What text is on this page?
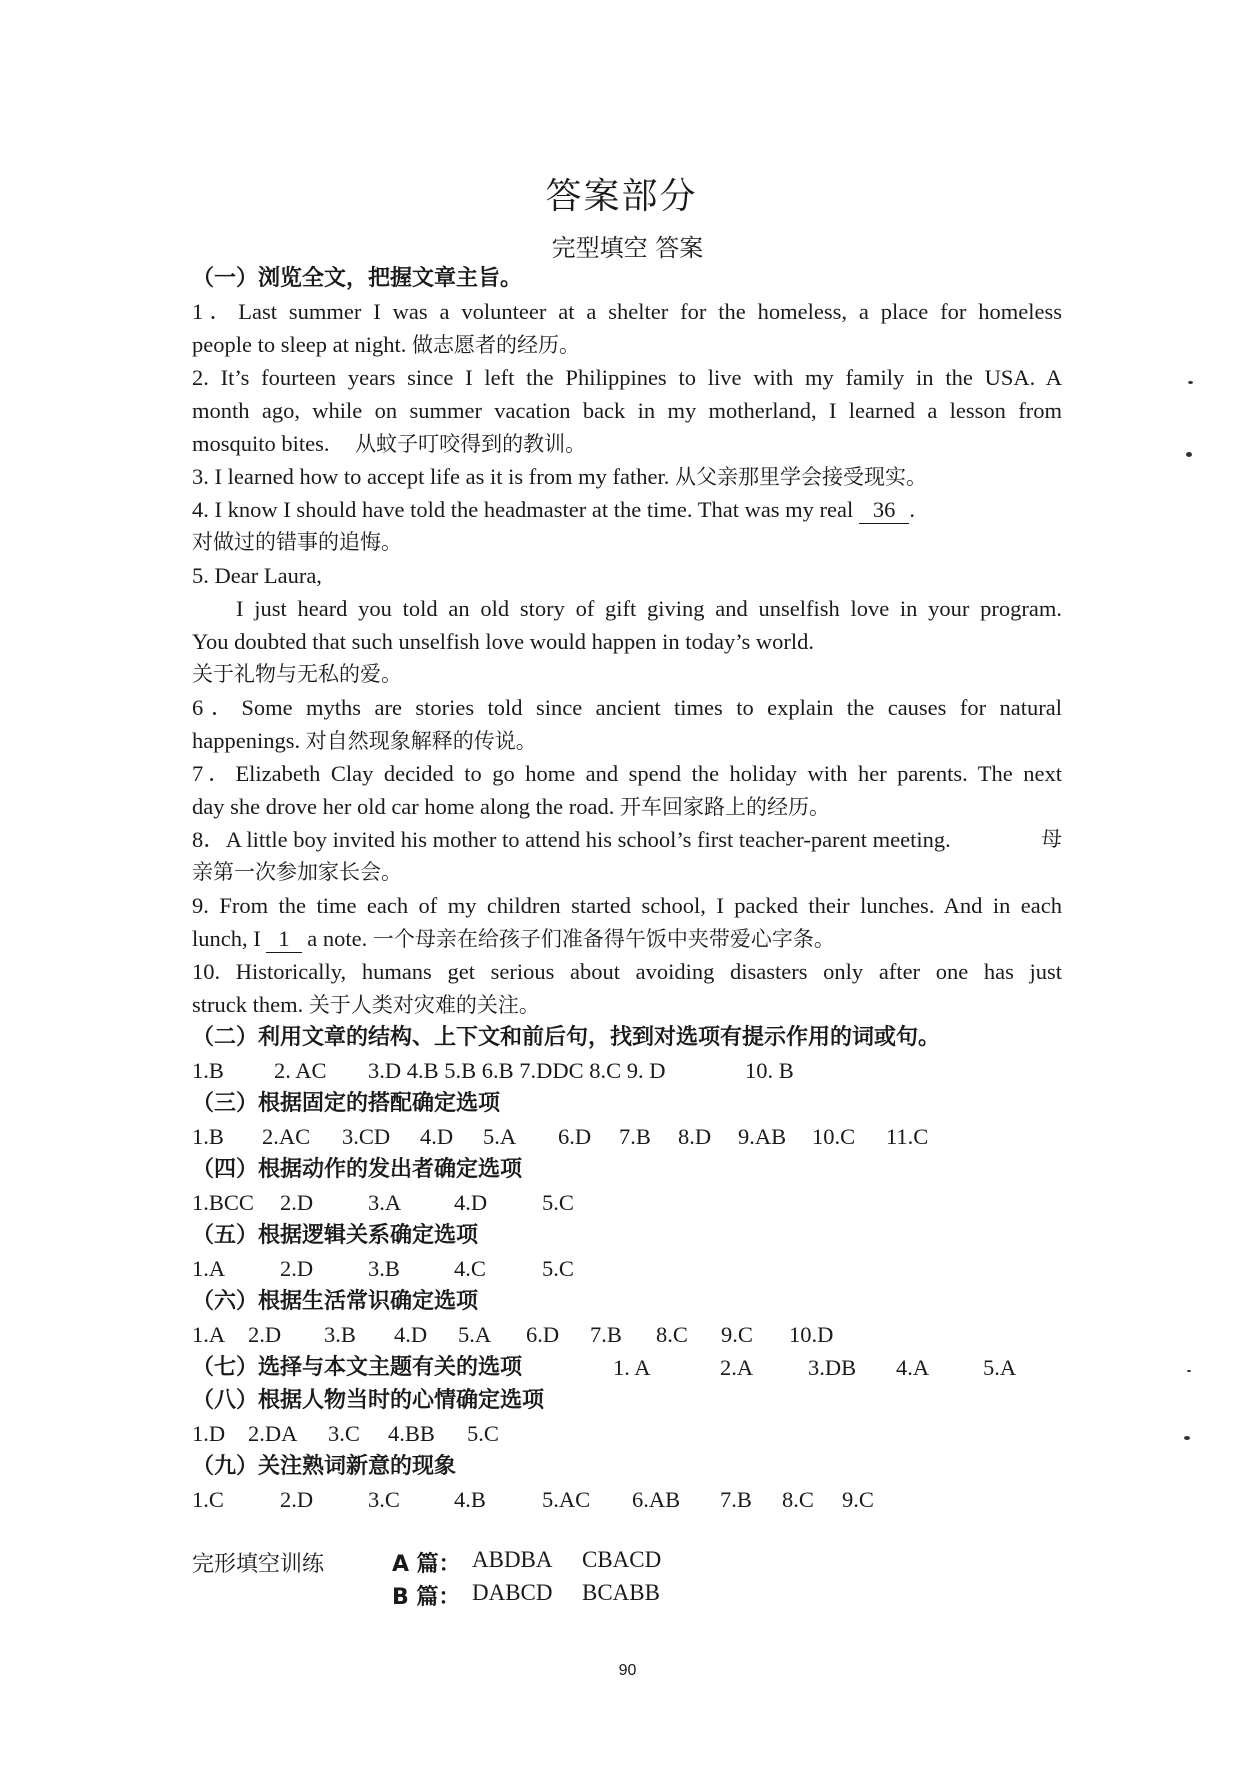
答案部分
完型填空 答案
（一）浏览全文，把握文章主旨。
1．Last summer I was a volunteer at a shelter for the homeless, a place for homeless
people to sleep at night. 做志愿者的经历。
2. It’s fourteen years since I left the Philippines to live with my family in the USA. A
month ago, while on summer vacation back in my motherland, I learned a lesson from
mosquito bites. 从蚊子叮咬得到的教训。
3. I learned how to accept life as it is from my father. 从父亲那里学会接受现实。
4. I know I should have told the headmaster at the time. That was my real 36 .
对做过的错事的追悔。
5. Dear Laura,
I just heard you told an old story of gift giving and unselfish love in your program.
You doubted that such unselfish love would happen in today’s world.
关于礼物与无私的爱。
6．Some myths are stories told since ancient times to explain the causes for natural
happenings. 对自然现象解释的传说。
7．Elizabeth Clay decided to go home and spend the holiday with her parents. The next
day she drove her old car home along the road. 开车回家路上的经历。
8．A little boy invited his mother to attend his school’s first teacher-parent meeting.	母
亲第一次参加家长会。
9. From the time each of my children started school, I packed their lunches. And in each
lunch, I 1 a note. 一个母亲在给孩子们准备得午饭中夹带爱心字条。
10. Historically, humans get serious about avoiding disasters only after one has just
struck them. 关于人类对灾难的关注。
（二）利用文章的结构、上下文和前后句，找到对选项有提示作用的词或句。
1.B 2. AC 3.D 4.B 5.B 6.B 7.DDC 8.C 9. D	10. B
（三）根据固定的搭配确定选项
1.B 2.AC 3.CD 4.D 5.A 6.D 7.B 8.D 9.AB 10.C 11.C
（四）根据动作的发出者确定选项
1.BCC 2.D 3.A 4.D 5.C
（五）根据逻辑关系确定选项
1.A 2.D 3.B 4.C 5.C
（六）根据生活常识确定选项
1.A 2.D 3.B 4.D 5.A 6.D 7.B 8.C 9.C 10.D
（七）选择与本文主题有关的选项	1. A	2.A 3.DB 4.A 5.A
（八）根据人物当时的心情确定选项
1.D 2.DA 3.C 4.BB 5.C
（九）关注熟词新意的现象
1.C 2.D 3.C 4.B 5.AC 6.AB 7.B 8.C 9.C
完形填空训练	A 篇： ABDBA CBACD
B 篇： DABCD BCABB
90
